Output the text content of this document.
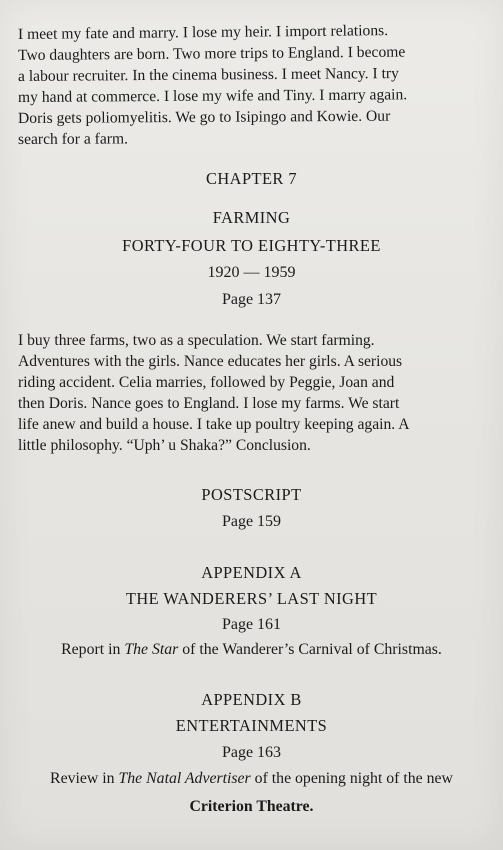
I meet my fate and marry. I lose my heir. I import relations.
Two daughters are born. Two more trips to England. I become
a labour recruiter. In the cinema business. I meet Nancy. I try
my hand at commerce. I lose my wife and Tiny. I marry again.
Doris gets poliomyelitis. We go to Isipingo and Kowie. Our
search for a farm.
CHAPTER 7
FARMING
FORTY-FOUR TO EIGHTY-THREE
1920 — 1959
Page 137
I buy three farms, two as a speculation. We start farming.
Adventures with the girls. Nance educates her girls. A serious
riding accident. Celia marries, followed by Peggie, Joan and
then Doris. Nance goes to England. I lose my farms. We start
life anew and build a house. I take up poultry keeping again. A
little philosophy. “Uph’ u Shaka?” Conclusion.
POSTSCRIPT
Page 159
APPENDIX A
THE WANDERERS’ LAST NIGHT
Page 161
Report in The Star of the Wanderer’s Carnival of Christmas.
APPENDIX B
ENTERTAINMENTS
Page 163
Review in The Natal Advertiser of the opening night of the new
Criterion Theatre.
